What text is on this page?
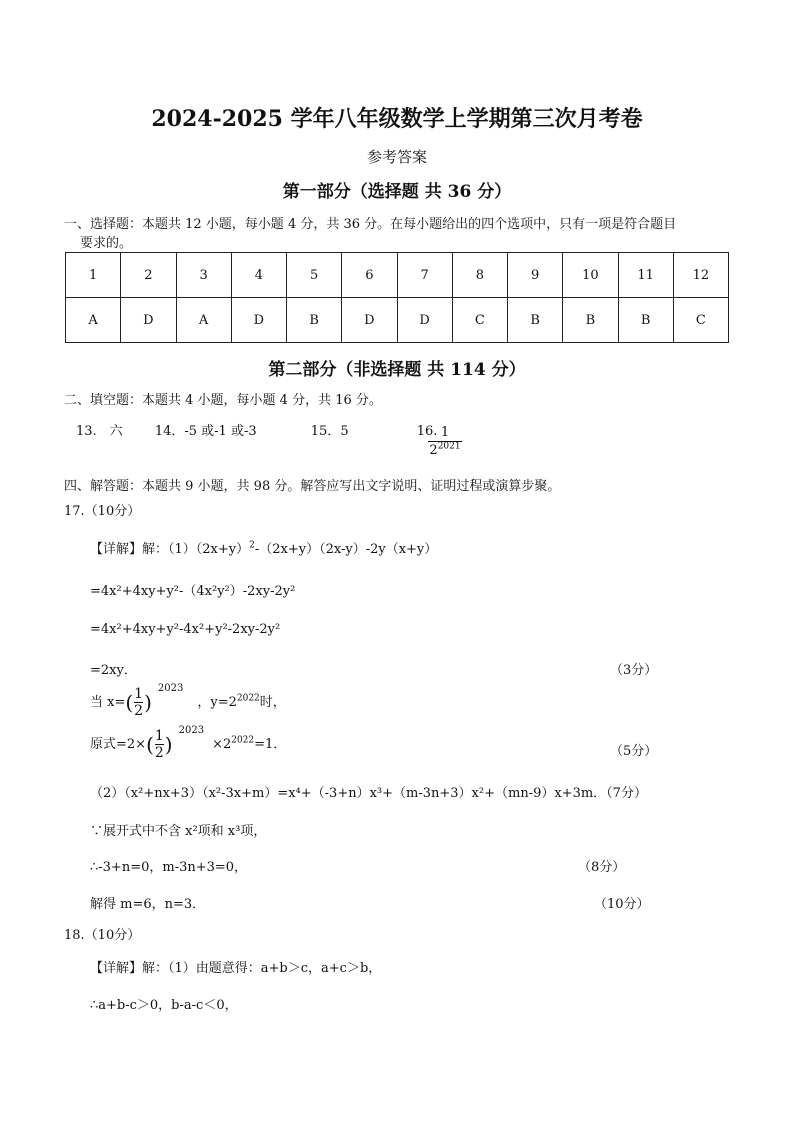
2024-2025 学年八年级数学上学期第三次月考卷
参考答案
第一部分（选择题 共 36 分）
一、选择题：本题共 12 小题，每小题 4 分，共 36 分。在每小题给出的四个选项中，只有一项是符合题目
要求的。
1	2	3	4	5	6	7	8	9	10	11	12
A	D	A	D	B	D	D	C	B	B	B	C
第二部分（非选择题 共 114 分）
二、填空题：本题共 4 小题，每小题 4 分，共 16 分。
13.　六 14．-5 或-1 或-3	15．5	16. 1
$2^{2021}$
四、解答题：本题共 9 小题，共 98 分。解答应写出文字说明、证明过程或演算步聚。
17.（10分）
【详解】解：$(1)(2x+y)^2-(2x+y)(2x-y)-2y(x+y)$
=4x²+4xy+y²-（4x²y²）-2xy-2y²
=4x²+4xy+y²-4x²+y²-2xy-2y²
=2xy．	（3分）
当 $x=(\frac{1}{2})^{2023}$，$y=2^{2022}$时，
原式$=2\times(\frac{1}{2})^{2023}\times 2^{2022}=1$．	（5分）
（2）（x²+nx+3）（x²-3x+m）=x⁴+（-3+n）x³+（m-3n+3）x²+（mn-9）x+3m．（7分）
∵展开式中不含 x²项和 x³项，
∴-3+n=0，m-3n+3=0，	（8分）
解得 m=6，n=3．	（10分）
18.（10分）
【详解】解：（1）由题意得：a+b＞c，a+c＞b，
∴a+b-c＞0，b-a-c＜0，
